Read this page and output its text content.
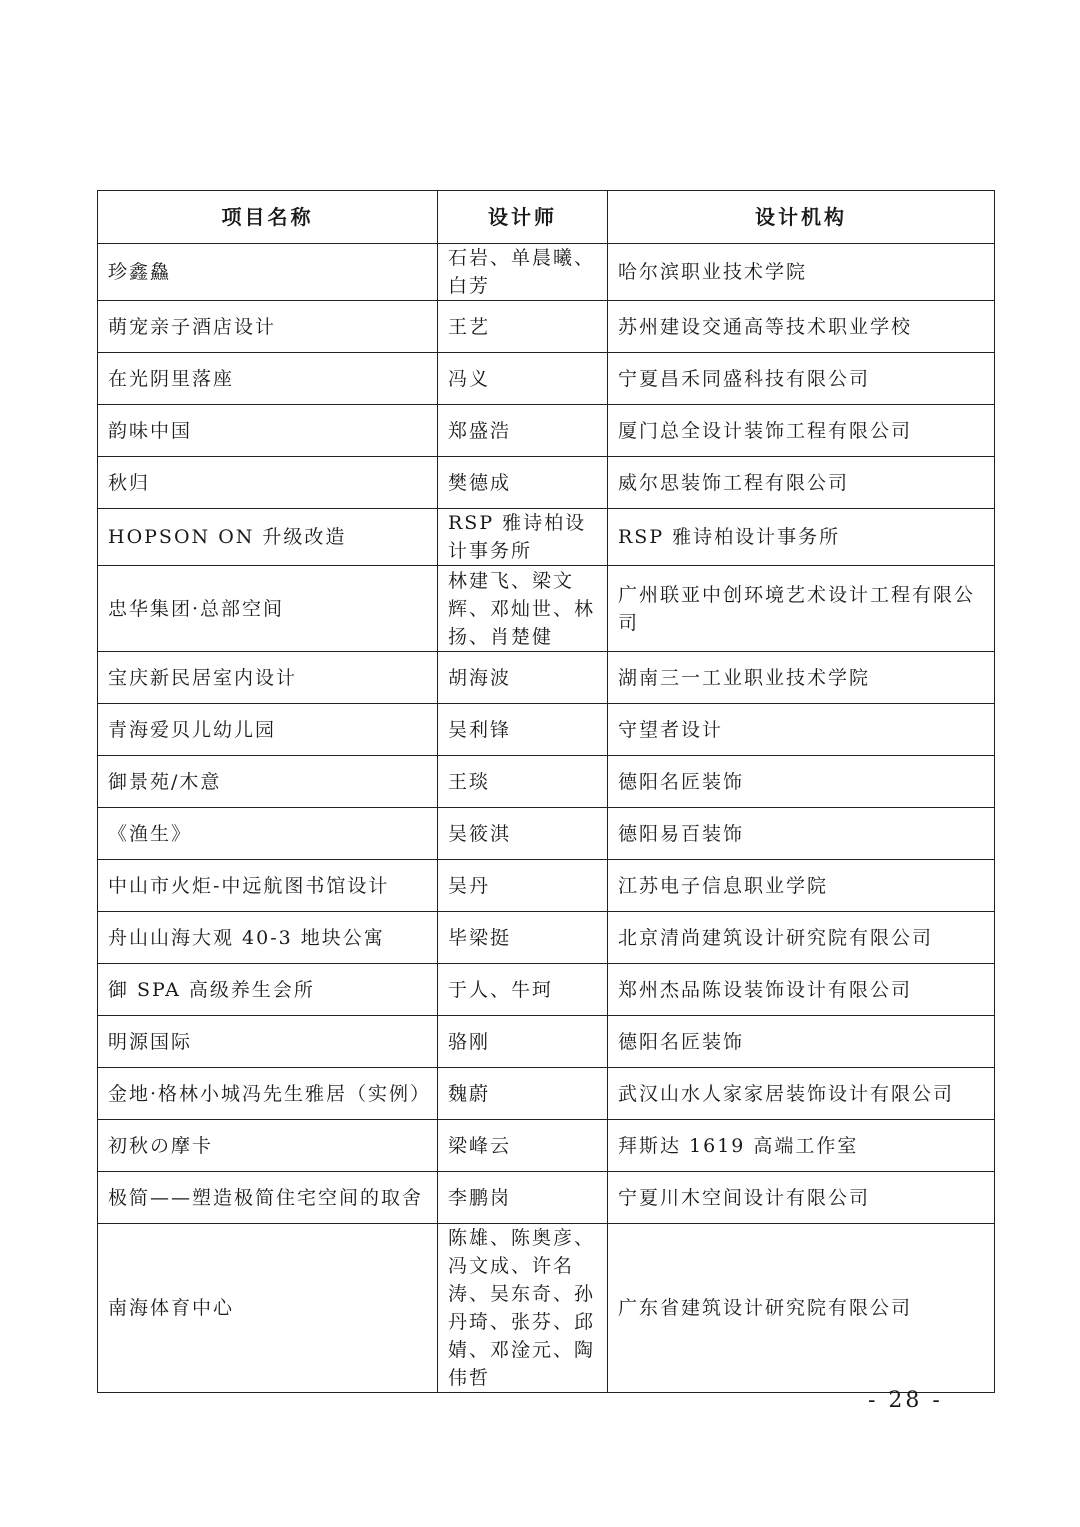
项目名称	设计师	设计机构
珍鑫鱻	石岩、单晨曦、白芳	哈尔滨职业技术学院
萌宠亲子酒店设计	王艺	苏州建设交通高等技术职业学校
在光阴里落座	冯义	宁夏昌禾同盛科技有限公司
韵味中国	郑盛浩	厦门总全设计装饰工程有限公司
秋归	樊德成	威尔思装饰工程有限公司
HOPSON ON 升级改造	RSP 雅诗柏设计事务所	RSP 雅诗柏设计事务所
忠华集团·总部空间	林建飞、梁文辉、邓灿世、林扬、肖楚健	广州联亚中创环境艺术设计工程有限公司
宝庆新民居室内设计	胡海波	湖南三一工业职业技术学院
青海爱贝儿幼儿园	吴利锋	守望者设计
御景苑/木意	王琰	德阳名匠装饰
《渔生》	吴筱淇	德阳易百装饰
中山市火炬-中远航图书馆设计	吴丹	江苏电子信息职业学院
舟山山海大观 40-3 地块公寓	毕梁挺	北京清尚建筑设计研究院有限公司
御 SPA 高级养生会所	于人、牛珂	郑州杰品陈设装饰设计有限公司
明源国际	骆刚	德阳名匠装饰
金地·格林小城冯先生雅居（实例）	魏蔚	武汉山水人家家居装饰设计有限公司
初秋の摩卡	梁峰云	拜斯达 1619 高端工作室
极简——塑造极简住宅空间的取舍	李鹏岗	宁夏川木空间设计有限公司
南海体育中心	陈雄、陈奥彦、冯文成、许名涛、吴东奇、孙丹琦、张芬、邱婧、邓淦元、陶伟哲	广东省建筑设计研究院有限公司
- 28 -
